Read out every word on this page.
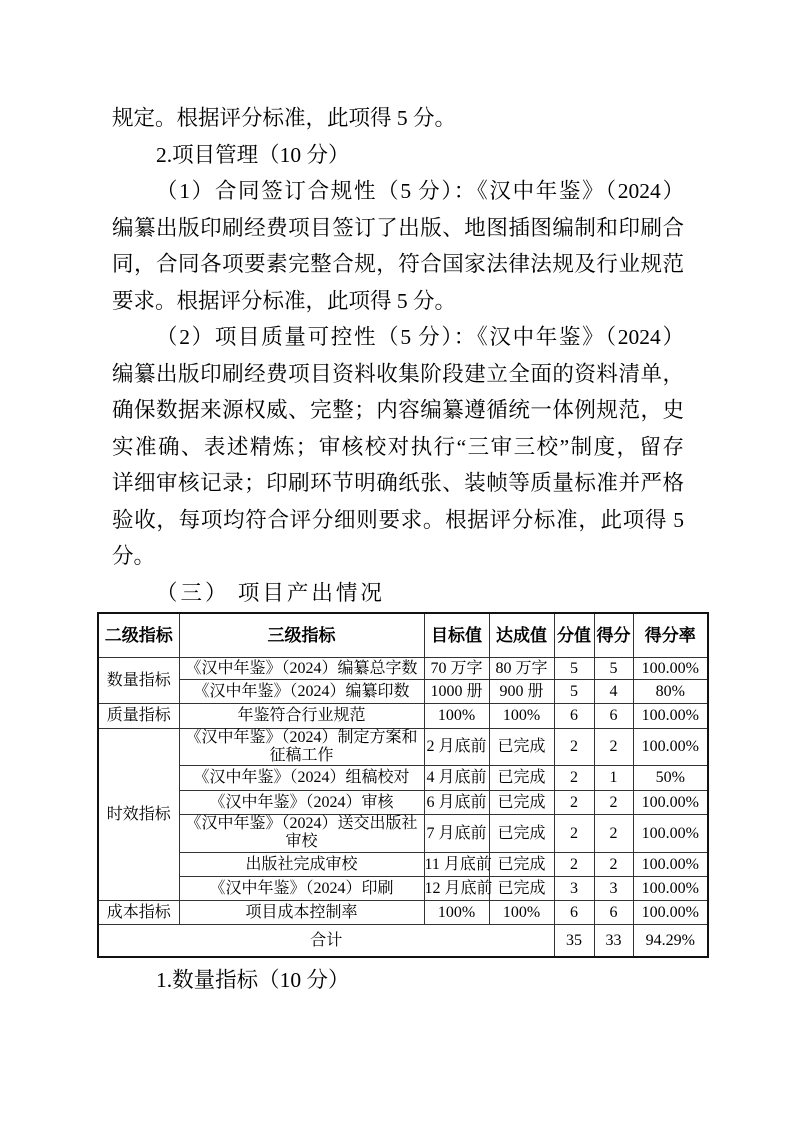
规定。根据评分标准，此项得 5 分。
2.项目管理（10 分）
（1）合同签订合规性（5 分）：《汉中年鉴》（2024）
编纂出版印刷经费项目签订了出版、地图插图编制和印刷合
同，合同各项要素完整合规，符合国家法律法规及行业规范
要求。根据评分标准，此项得 5 分。
（2）项目质量可控性（5 分）：《汉中年鉴》（2024）
编纂出版印刷经费项目资料收集阶段建立全面的资料清单，
确保数据来源权威、完整；内容编纂遵循统一体例规范，史
实准确、表述精炼；审核校对执行“三审三校”制度，留存
详细审核记录；印刷环节明确纸张、装帧等质量标准并严格
验收，每项均符合评分细则要求。根据评分标准，此项得 5
分。
（三） 项目产出情况
二级指标	三级指标	目标值	达成值	分值	得分	得分率
数量指标	《汉中年鉴》（2024）编纂总字数	70 万字	80 万字	5	5	100.00%
	《汉中年鉴》（2024）编纂印数	1000 册	900 册	5	4	80%
质量指标	年鉴符合行业规范	100%	100%	6	6	100.00%
时效指标	《汉中年鉴》（2024）制定方案和
征稿工作	2 月底前	已完成	2	2	100.00%
	《汉中年鉴》（2024）组稿校对	4 月底前	已完成	2	1	50%
	《汉中年鉴》（2024）审核	6 月底前	已完成	2	2	100.00%
	《汉中年鉴》（2024）送交出版社
审校	7 月底前	已完成	2	2	100.00%
	出版社完成审校	11 月底前	已完成	2	2	100.00%
	《汉中年鉴》（2024）印刷	12 月底前	已完成	3	3	100.00%
成本指标	项目成本控制率	100%	100%	6	6	100.00%
合计				35	33	94.29%
1.数量指标（10 分）
